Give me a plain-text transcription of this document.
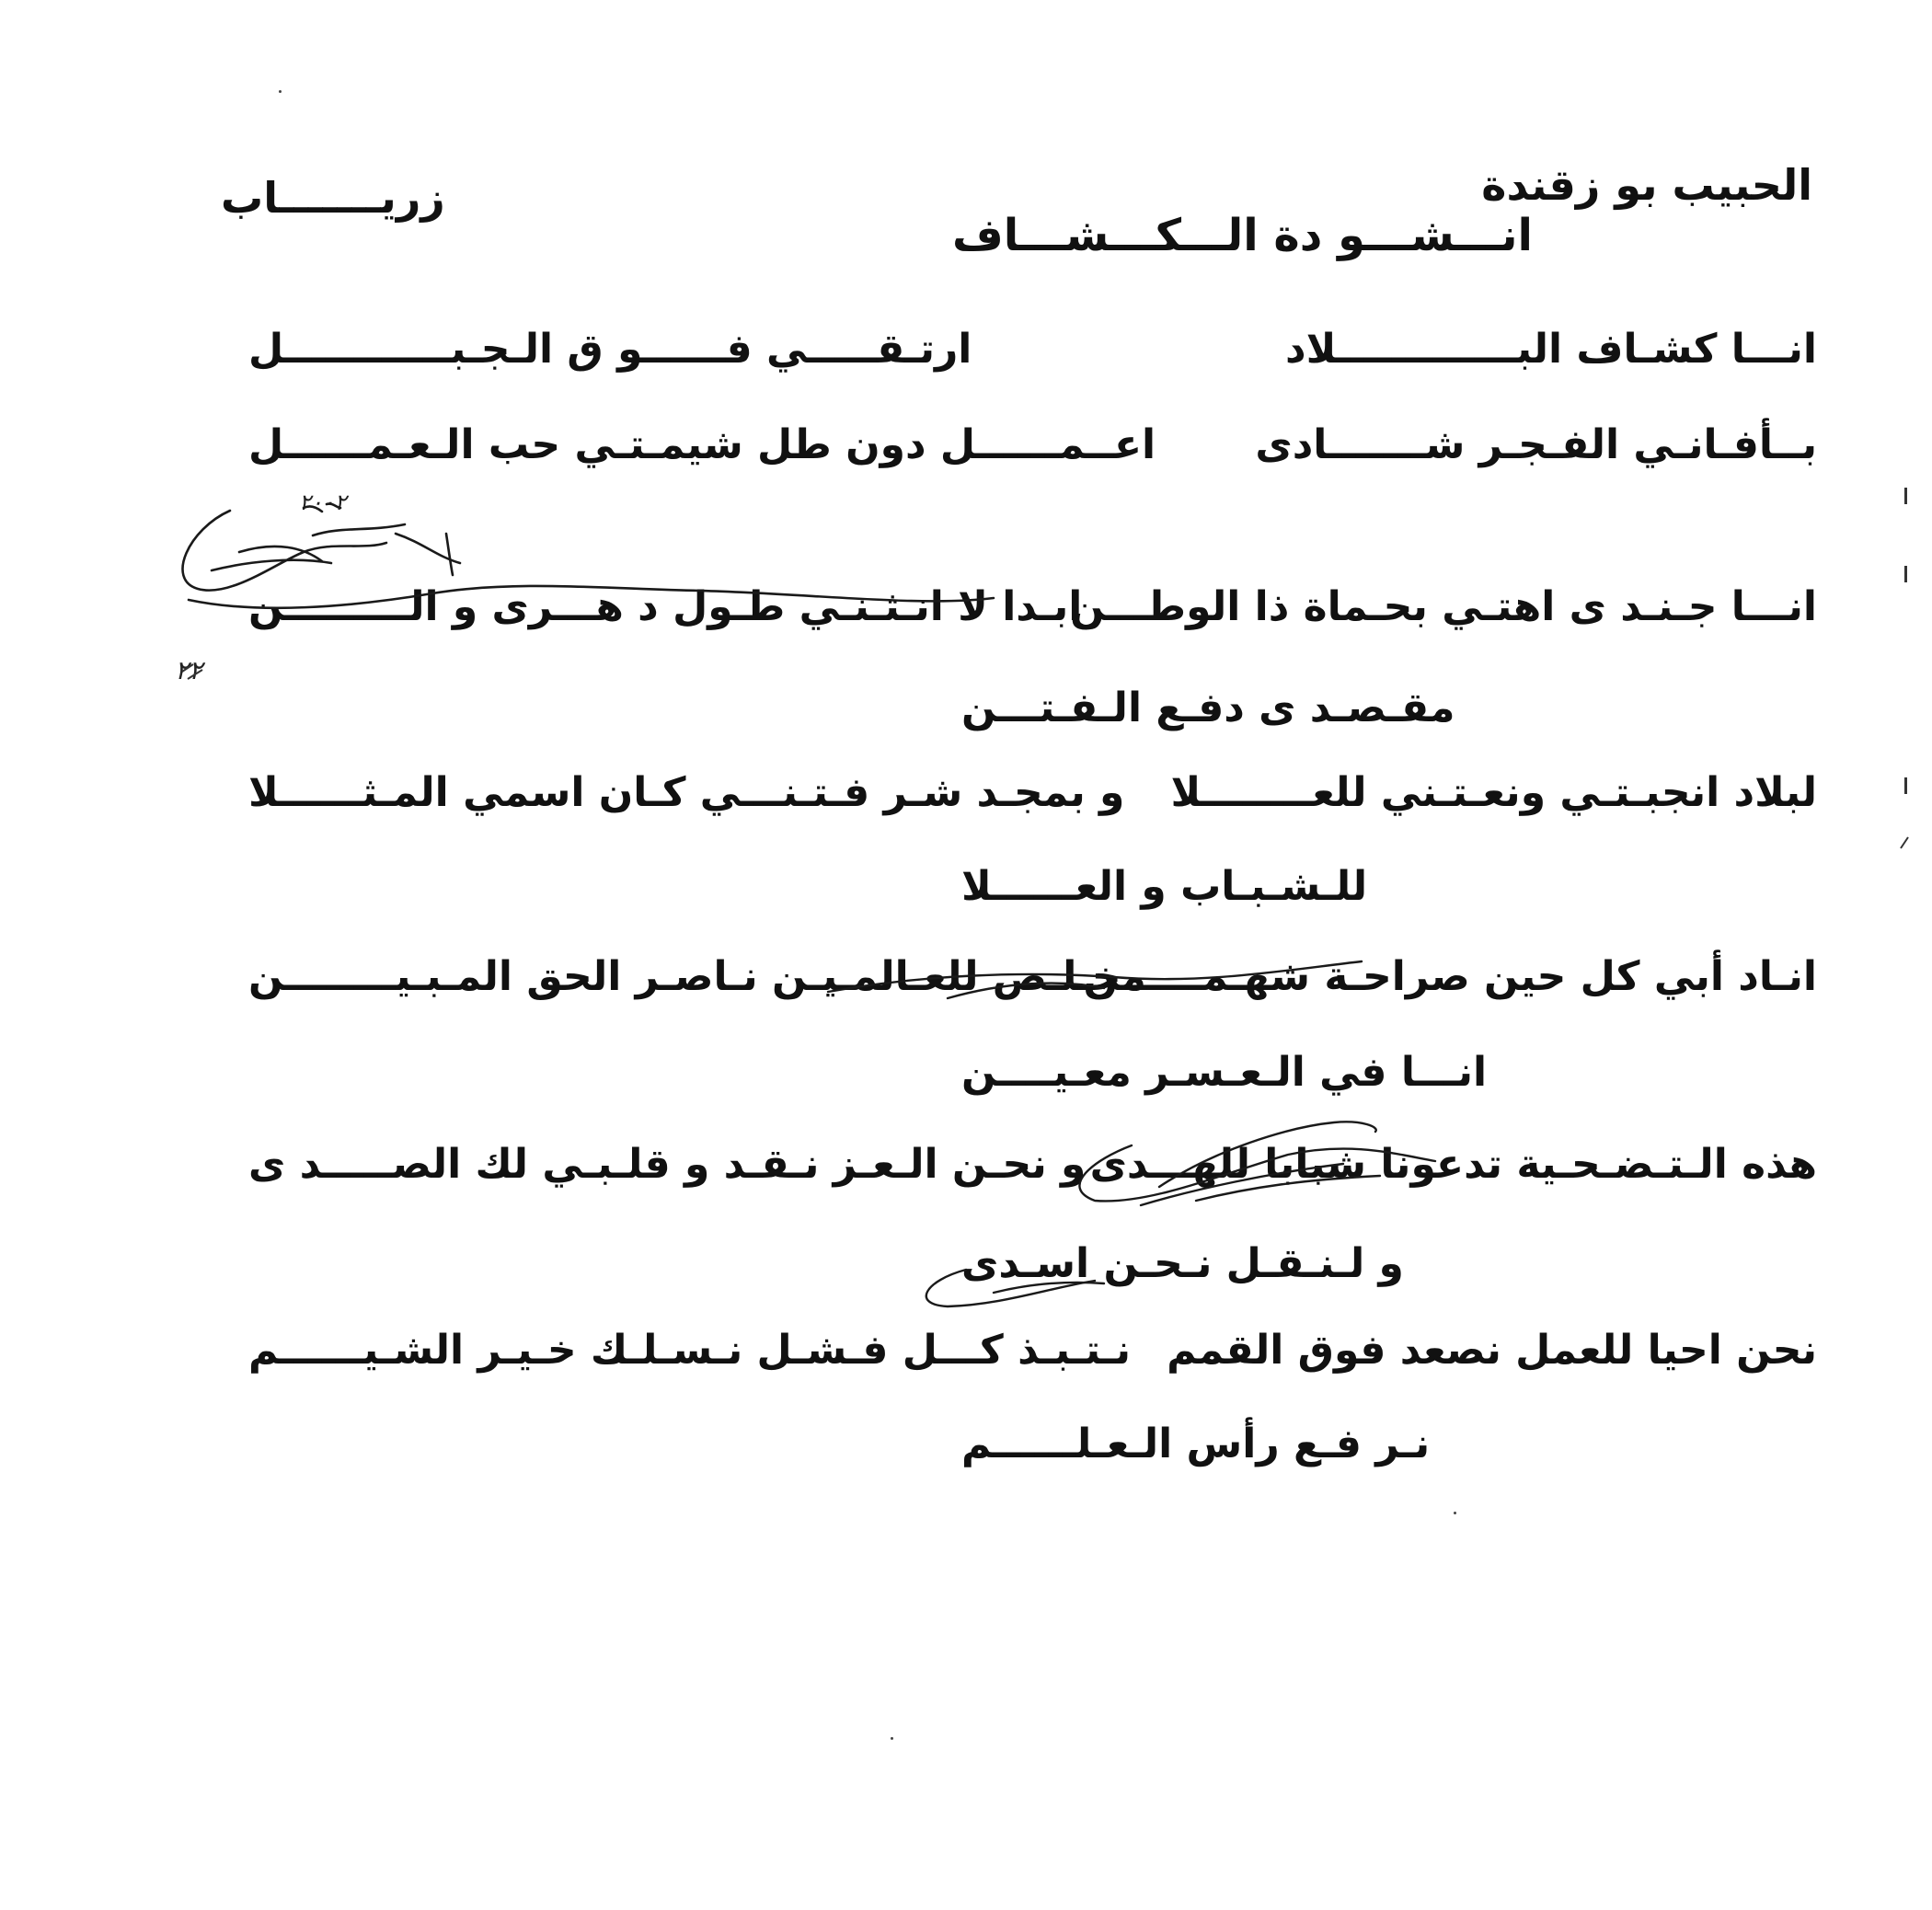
الحبيب بو زقندة
زريـــــــاب
انـــشـــو دة الـــكـــشـــاف
انـــا كشـاف البـــــــــــــلاد
ارتـقـــــي فــــــو ق الـجـبــــــــــــل
بــأفـانـي الفـجـر شـــــــادى
اعــمــــــل دون طل شيمـتـي حب الـعـمــــــل
انـــا جـنـد ى اهتـي بحـماة ذا الوطـــن
ابـدا لا انـثـنـي طـول د هـــرى و الـــــــــن
مقـصـد ى دفـع الـفـتـــن
لبلاد انجبـتـي ونعـتـني للعــــــــلا
و بمجـد شـر فـتـنـــي كـان اسمي المـثــــــلا
للـشـبـاب و العــــــلا
انـاد أبي كل حين صراحـة شهـمــــــن
مخـلـص للعـالمـيـن نـاصـر الحق المـبـيــــــــن
انـــا في الـعـسـر معـيــــن
هذه الـتـضـحـية تدعونا شبابا للهـــدى
و نحـن الـعـز نـقـد و قلـبـي لك الصـــــد ى
و لـنـقـل نـحـن اسـدى
نحن احيا للعمل نصعد فوق القمم
نـتـبـذ كـــل فـشـل نـسـلـك خـيـر الشـيــــــم
نـر فـع رأس الـعـلــــــم
٢٠٠٢
٢٢
